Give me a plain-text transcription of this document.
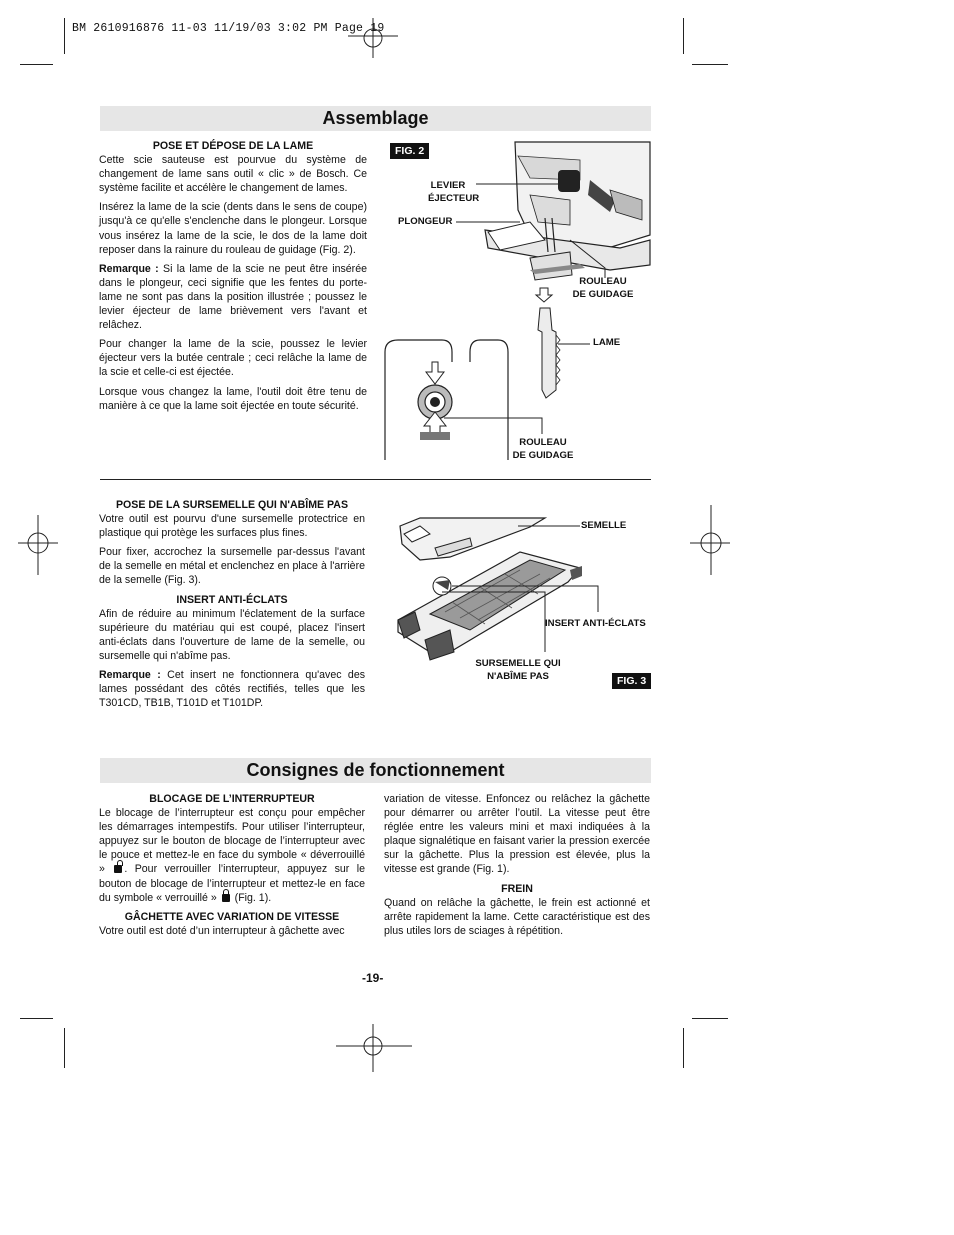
BM 2610916876 11-03 11/19/03 3:02 PM Page 19
Assemblage
POSE ET DÉPOSE DE LA LAME

Cette scie sauteuse est pourvue du système de changement de lame sans outil « clic » de Bosch. Ce système facilite et accélère le changement de lames.

Insérez la lame de la scie (dents dans le sens de coupe) jusqu'à ce qu'elle s'enclenche dans le plongeur. Lorsque vous insérez la lame de la scie, le dos de la lame doit reposer dans la rainure du rouleau de guidage (Fig. 2).

Remarque : Si la lame de la scie ne peut être insérée dans le plongeur, ceci signifie que les fentes du porte-lame ne sont pas dans la position illustrée ; poussez le levier éjecteur de lame brièvement vers l'avant et relâchez.

Pour changer la lame de la scie, poussez le levier éjecteur vers la butée centrale ; ceci relâche la lame de la scie et celle-ci est éjectée.

Lorsque vous changez la lame, l'outil doit être tenu de manière à ce que la lame soit éjectée en toute sécurité.

FIG. 2
LEVIER
ÉJECTEUR
PLONGEUR
ROULEAU
DE GUIDAGE
LAME
ROULEAU
DE GUIDAGE
POSE DE LA SURSEMELLE QUI N'ABÎME PAS

Votre outil est pourvu d'une sursemelle protectrice en plastique qui protège les surfaces plus fines.

Pour fixer, accrochez la sursemelle par-dessus l'avant de la semelle en métal et enclenchez en place à l'arrière de la semelle (Fig. 3).

INSERT ANTI-ÉCLATS

Afin de réduire au minimum l'éclatement de la surface supérieure du matériau qui est coupé, placez l'insert anti-éclats dans l'ouverture de lame de la semelle, ou sursemelle qui n'abîme pas.

Remarque : Cet insert ne fonctionnera qu'avec des lames possédant des côtés rectifiés, telles que les T301CD, TB1B, T101D et T101DP.

SEMELLE
INSERT ANTI-ÉCLATS
SURSEMELLE QUI
N'ABÎME PAS	FIG. 3
Consignes de fonctionnement
BLOCAGE DE L’INTERRUPTEUR

Le blocage de l’interrupteur est conçu pour empêcher les démarrages intempestifs. Pour utiliser l’interrupteur, appuyez sur le bouton de blocage de l’interrupteur avec le pouce et mettez-le en face du symbole « déverrouillé » . Pour verrouiller l’interrupteur, appuyez sur le bouton de blocage de l’interrupteur et mettez-le en face du symbole « verrouillé »  (Fig. 1).

GÂCHETTE AVEC VARIATION DE VITESSE

Votre outil est doté d’un interrupteur à gâchette avec

variation de vitesse. Enfoncez ou relâchez la gâchette pour démarrer ou arrêter l’outil. La vitesse peut être réglée entre les valeurs mini et maxi indiquées à la plaque signalétique en faisant varier la pression exercée sur la gâchette. Plus la pression est élevée, plus la vitesse est grande (Fig. 1).

FREIN

Quand on relâche la gâchette, le frein est actionné et arrête rapidement la lame. Cette caractéristique est des plus utiles lors de sciages à répétition.

-19-
